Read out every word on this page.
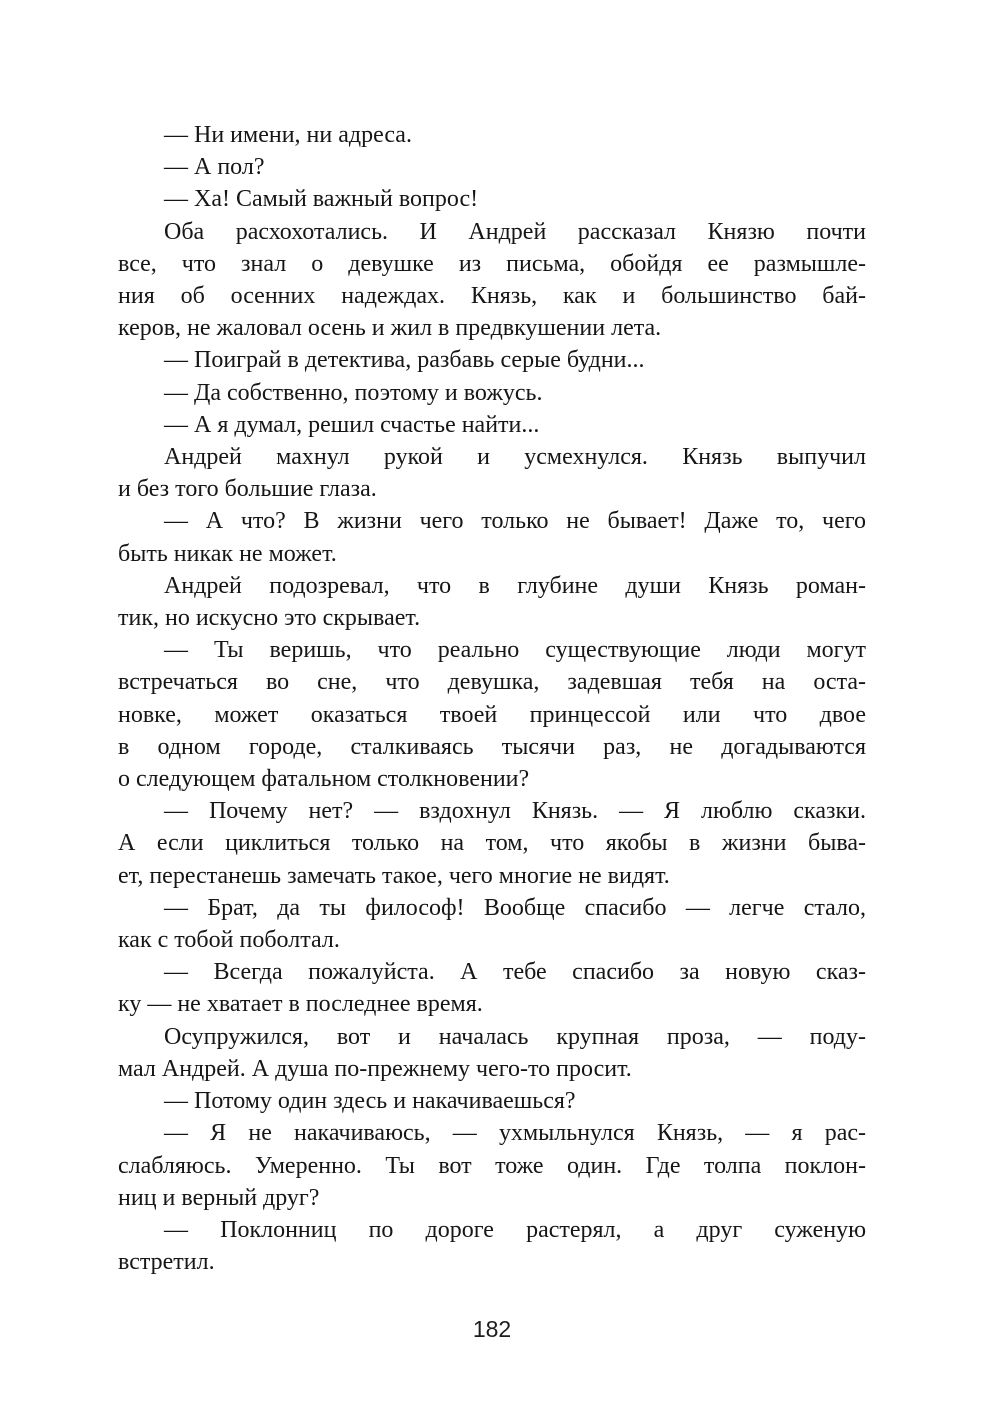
— Ни имени, ни адреса.
— А пол?
— Ха! Самый важный вопрос!
Оба расхохотались. И Андрей рассказал Князю почти
все, что знал о девушке из письма, обойдя ее размышле-
ния об осенних надеждах. Князь, как и большинство бай-
керов, не жаловал осень и жил в предвкушении лета.
— Поиграй в детектива, разбавь серые будни...
— Да собственно, поэтому и вожусь.
— А я думал, решил счастье найти...
Андрей махнул рукой и усмехнулся. Князь выпучил
и без того большие глаза.
— А что? В жизни чего только не бывает! Даже то, чего
быть никак не может.
Андрей подозревал, что в глубине души Князь роман-
тик, но искусно это скрывает.
— Ты веришь, что реально существующие люди могут
встречаться во сне, что девушка, задевшая тебя на оста-
новке, может оказаться твоей принцессой или что двое
в одном городе, сталкиваясь тысячи раз, не догадываются
о следующем фатальном столкновении?
— Почему нет? — вздохнул Князь. — Я люблю сказки.
А если циклиться только на том, что якобы в жизни быва-
ет, перестанешь замечать такое, чего многие не видят.
— Брат, да ты философ! Вообще спасибо — легче стало,
как с тобой поболтал.
— Всегда пожалуйста. А тебе спасибо за новую сказ-
ку — не хватает в последнее время.
Осупружился, вот и началась крупная проза, — поду-
мал Андрей. А душа по-прежнему чего-то просит.
— Потому один здесь и накачиваешься?
— Я не накачиваюсь, — ухмыльнулся Князь, — я рас-
слабляюсь. Умеренно. Ты вот тоже один. Где толпа поклон-
ниц и верный друг?
— Поклонниц по дороге растерял, а друг суженую
встретил.
182
